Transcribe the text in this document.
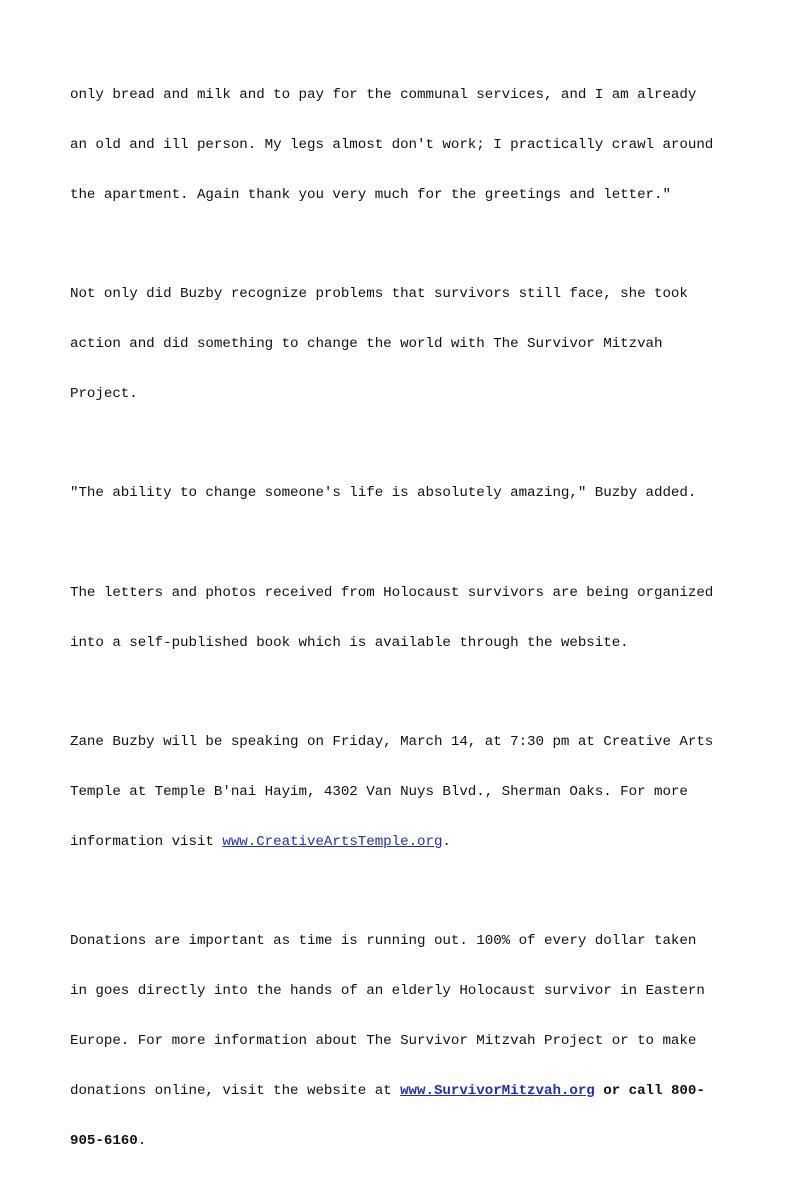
only bread and milk and to pay for the communal services, and I am already

an old and ill person. My legs almost don't work; I practically crawl around

the apartment. Again thank you very much for the greetings and letter."

Not only did Buzby recognize problems that survivors still face, she took

action and did something to change the world with The Survivor Mitzvah

Project.

"The ability to change someone's life is absolutely amazing," Buzby added.

The letters and photos received from Holocaust survivors are being organized

into a self-published book which is available through the website.

Zane Buzby will be speaking on Friday, March 14, at 7:30 pm at Creative Arts

Temple at Temple B'nai Hayim, 4302 Van Nuys Blvd., Sherman Oaks. For more

information visit www.CreativeArtsTemple.org.

Donations are important as time is running out. 100% of every dollar taken

in goes directly into the hands of an elderly Holocaust survivor in Eastern

Europe. For more information about The Survivor Mitzvah Project or to make

donations online, visit the website at www.SurvivorMitzvah.org or call 800-

905-6160.
